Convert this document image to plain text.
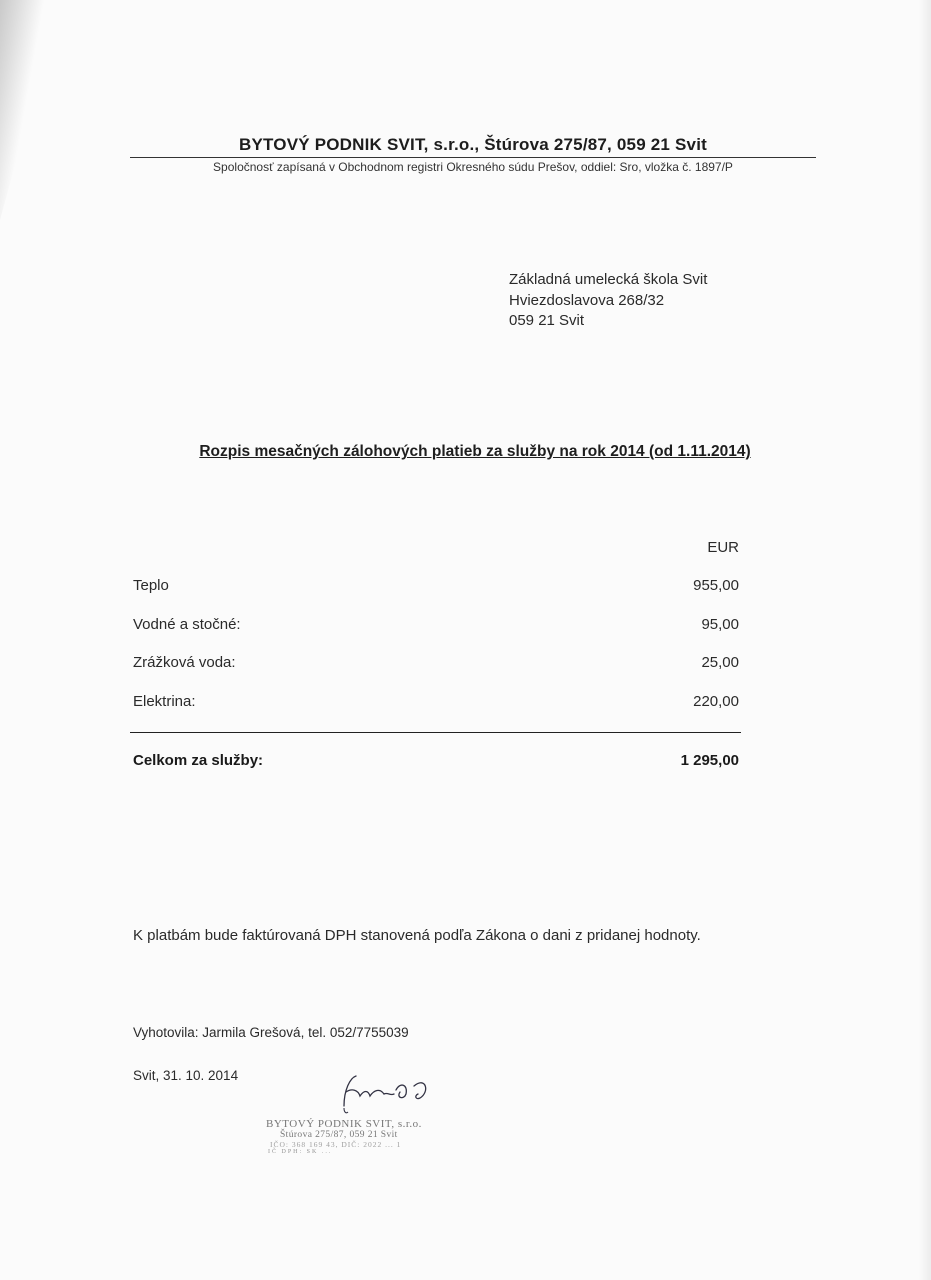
BYTOVÝ PODNIK SVIT, s.r.o., Štúrova 275/87, 059 21 Svit
Spoločnosť zapísaná v Obchodnom registri Okresného súdu Prešov, oddiel: Sro, vložka č. 1897/P
Základná umelecká škola Svit
Hviezdoslavova 268/32
059 21 Svit
Rozpis mesačných zálohových platieb za služby na rok 2014 (od 1.11.2014)
EUR
Teplo	955,00
Vodné a stočné:	95,00
Zrážková voda:	25,00
Elektrina:	220,00
Celkom za služby:	1 295,00
K platbám bude faktúrovaná DPH stanovená podľa Zákona o dani z pridanej hodnoty.
Vyhotovila: Jarmila Grešová, tel. 052/7755039
Svit, 31. 10. 2014
BYTOVÝ PODNIK SVIT, s.r.o.
Štúrova 275/87, 059 21 Svit
IČO: 368 169 43, DIČ: 2022 ... 1
IČ DPH: SK ...
